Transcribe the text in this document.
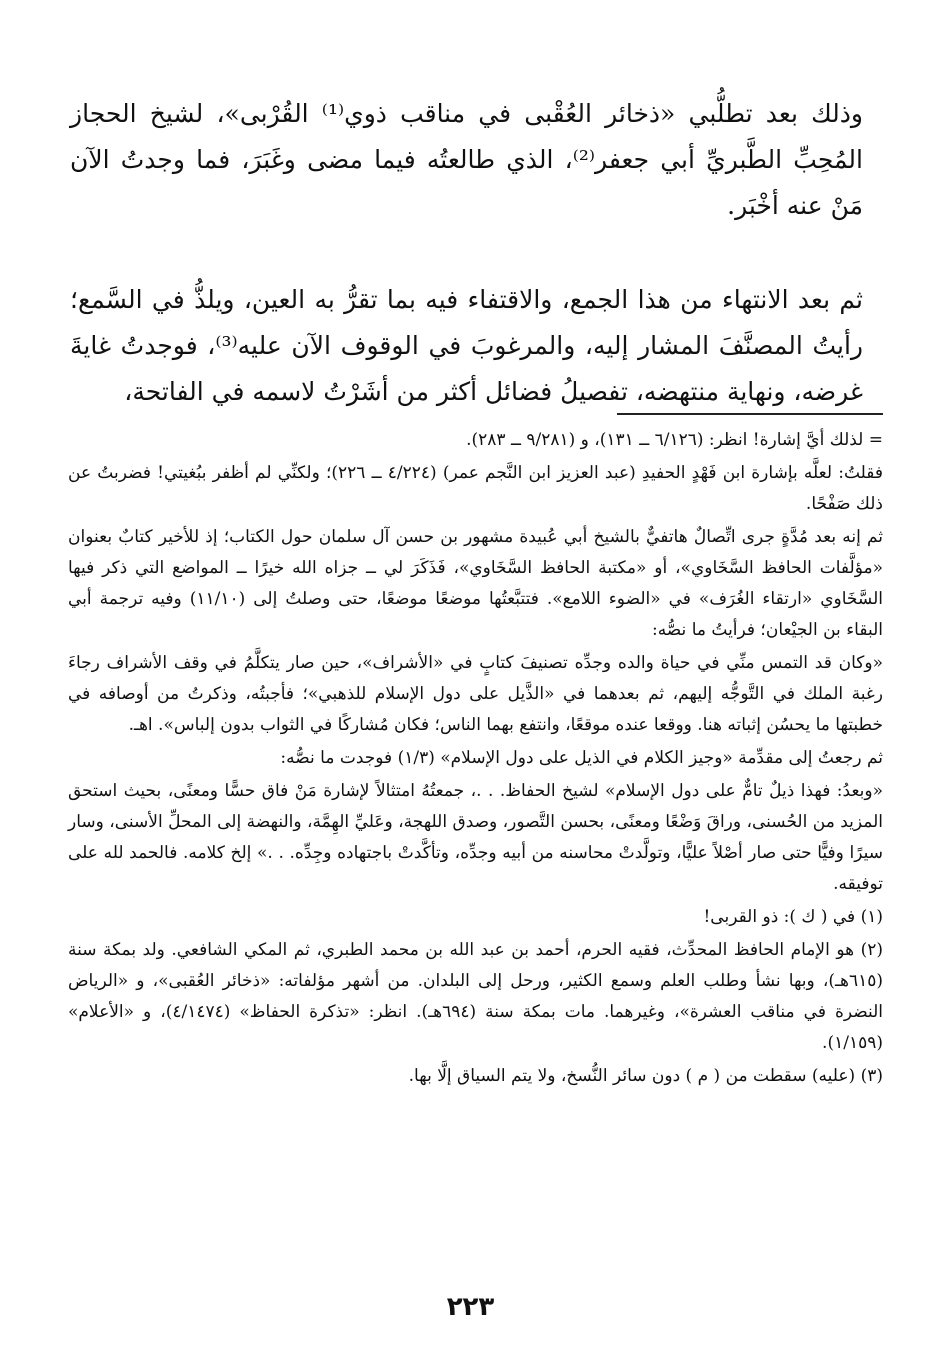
وذلك بعد تطلُّبي «ذخائر العُقْبى في مناقب ذوي⁽¹⁾ القُرْبى»، لشيخ الحجاز المُحِبِّ الطَّبريِّ أبي جعفر⁽²⁾، الذي طالعتُه فيما مضى وغَبَرَ، فما وجدتُ الآن مَنْ عنه أخْبَر.

ثم بعد الانتهاء من هذا الجمع، والاقتفاء فيه بما تقرُّ به العين، ويلذُّ في السَّمع؛ رأيتُ المصنَّفَ المشار إليه، والمرغوبَ في الوقوف الآن عليه⁽³⁾، فوجدتُ غايةَ غرضه، ونهاية منتهضه، تفصيلُ فضائل أكثر من أشَرْتُ لاسمه في الفاتحة،

= لذلك أيَّ إشارة! انظر: (٦/١٢٦ ــ ١٣١)، و (٩/٢٨١ ــ ٢٨٣).

فقلتُ: لعلَّه بإشارة ابن فَهْدٍ الحفيدِ (عبد العزيز ابن النَّجم عمر) (٤/٢٢٤ ــ ٢٢٦)؛ ولكنِّي لم أظفر ببُغيتي! فضربتُ عن ذلك صَفْحًا.

ثم إنه بعد مُدَّةٍ جرى اتِّصالٌ هاتفيٌّ بالشيخ أبي عُبيدة مشهور بن حسن آل سلمان حول الكتاب؛ إذ للأخير كتابٌ بعنوان «مؤلَّفات الحافظ السَّخَاوي»، أو «مكتبة الحافظ السَّخَاوي»، فَذَكَرَ لي ــ جزاه الله خيرًا ــ المواضع التي ذكر فيها السَّخَاوي «ارتقاء الغُرَف» في «الضوء اللامع». فتتبَّعتُها موضعًا موضعًا، حتى وصلتُ إلى (١١/١٠) وفيه ترجمة أبي البقاء بن الجيْعان؛ فرأيتُ ما نصُّه:

«وكان قد التمس منِّي في حياة والده وجدِّه تصنيفَ كتابٍ في «الأشراف»، حين صار يتكلَّمُ في وقف الأشراف رجاءَ رغبة الملك في التَّوجُّه إليهم، ثم بعدهما في «الذَّيل على دول الإسلام للذهبي»؛ فأجبتُه، وذكرتُ من أوصافه في خطبتها ما يحسُن إثباته هنا. ووقعا عنده موقعًا، وانتفع بهما الناس؛ فكان مُشاركًا في الثواب بدون إلباس». اهـ.

ثم رجعتُ إلى مقدِّمة «وجيز الكلام في الذيل على دول الإسلام» (١/٣) فوجدت ما نصُّه:

«وبعدُ: فهذا ذيلٌ تامٌّ على دول الإسلام» لشيخ الحفاظ. . .، جمعتُهُ امتثالاً لإشارة مَنْ فاق حسًّا ومعنًى، بحيث استحق المزيد من الحُسنى، وراقَ وَضْعًا ومعنًى، بحسن التَّصور، وصدق اللهجة، وعَليِّ الهِمَّة، والنهضة إلى المحلِّ الأسنى، وسار سيرًا وفيًّا حتى صار أصْلاً عليًّا، وتولَّدتْ محاسنه من أبيه وجدِّه، وتأكَّدتْ باجتهاده وجِدِّه. . .» إلخ كلامه. فالحمد لله على توفيقه.

(١) في ( ك ): ذو القربى!

(٢) هو الإمام الحافظ المحدِّث، فقيه الحرم، أحمد بن عبد الله بن محمد الطبري، ثم المكي الشافعي. ولد بمكة سنة (٦١٥هـ)، وبها نشأ وطلب العلم وسمع الكثير، ورحل إلى البلدان. من أشهر مؤلفاته: «ذخائر العُقبى»، و «الرياض النضرة في مناقب العشرة»، وغيرهما. مات بمكة سنة (٦٩٤هـ). انظر: «تذكرة الحفاظ» (٤/١٤٧٤)، و «الأعلام» (١/١٥٩).

(٣) (عليه) سقطت من ( م ) دون سائر النُّسخ، ولا يتم السياق إلَّا بها.

٢٢٣
